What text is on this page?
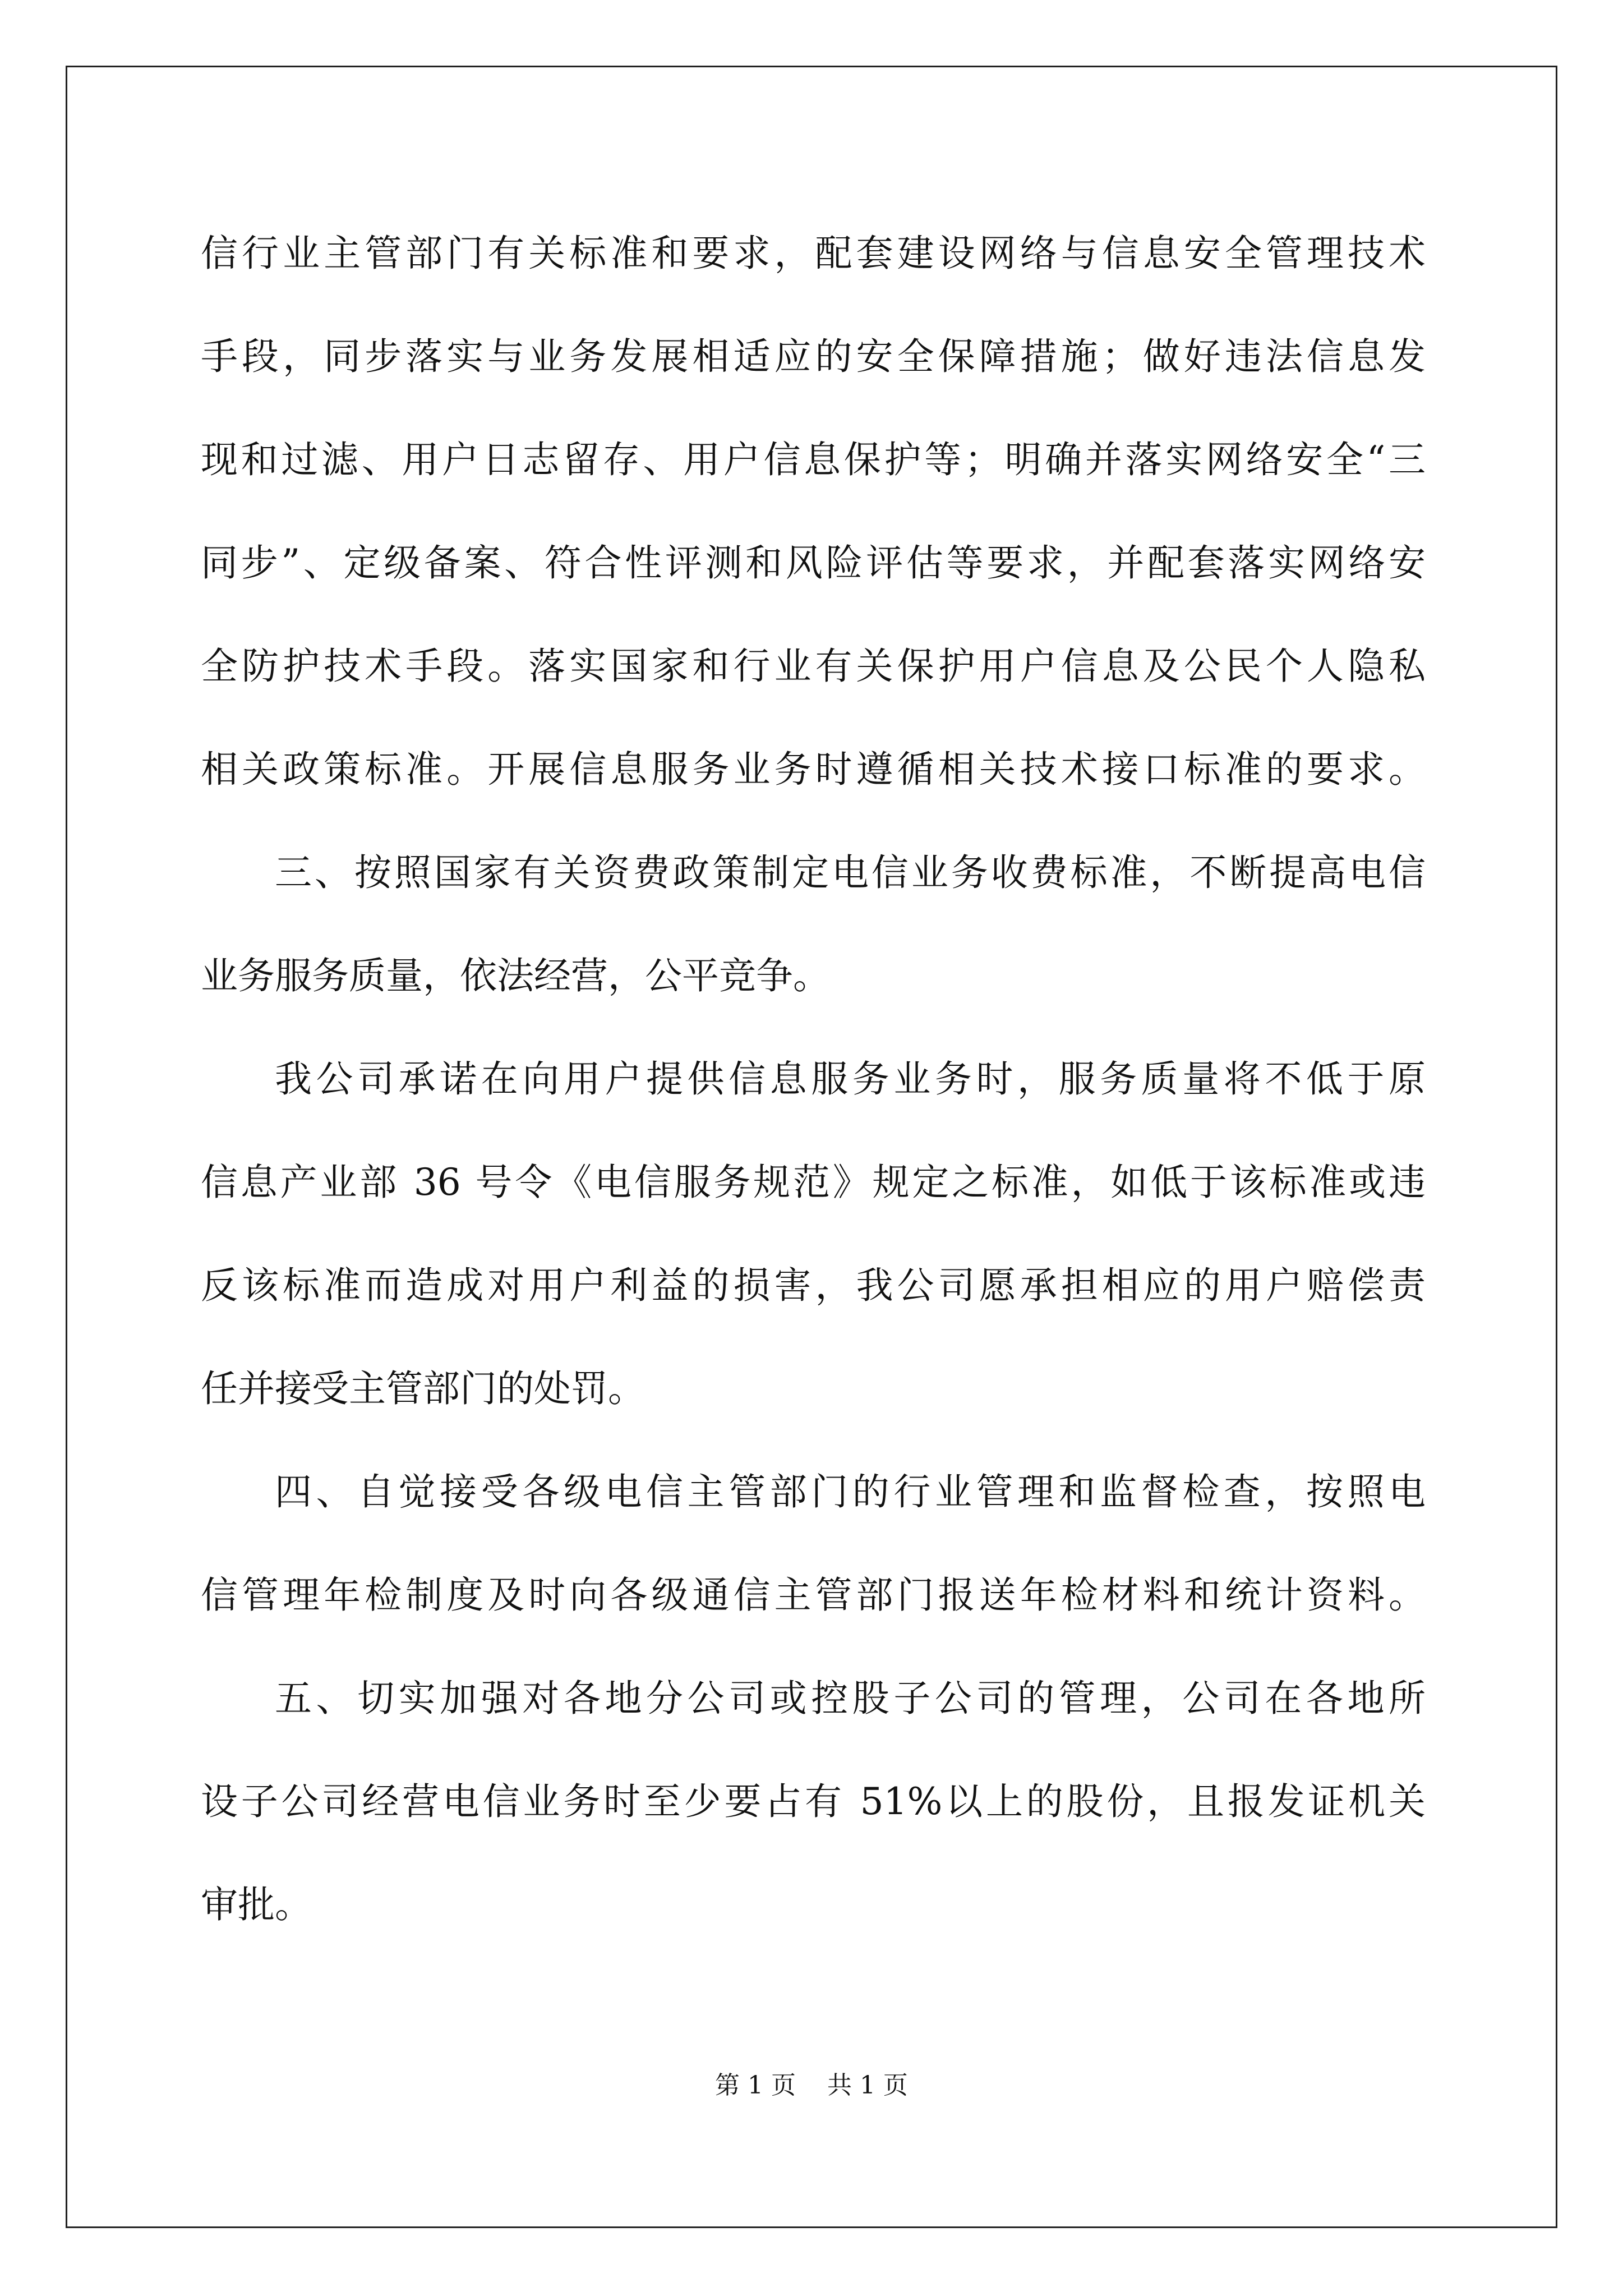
信行业主管部门有关标准和要求，配套建设网络与信息安全管理技术
手段，同步落实与业务发展相适应的安全保障措施；做好违法信息发
现和过滤、用户日志留存、用户信息保护等；明确并落实网络安全“三
同步”、定级备案、符合性评测和风险评估等要求，并配套落实网络安
全防护技术手段。落实国家和行业有关保护用户信息及公民个人隐私
相关政策标准。开展信息服务业务时遵循相关技术接口标准的要求。
三、按照国家有关资费政策制定电信业务收费标准，不断提高电信
业务服务质量，依法经营，公平竞争。
我公司承诺在向用户提供信息服务业务时，服务质量将不低于原
信息产业部 36 号令《电信服务规范》规定之标准，如低于该标准或违
反该标准而造成对用户利益的损害，我公司愿承担相应的用户赔偿责
任并接受主管部门的处罚。
四、自觉接受各级电信主管部门的行业管理和监督检查，按照电
信管理年检制度及时向各级通信主管部门报送年检材料和统计资料。
五、切实加强对各地分公司或控股子公司的管理，公司在各地所
设子公司经营电信业务时至少要占有 51%以上的股份，且报发证机关
审批。
第 1 页    共 1 页
